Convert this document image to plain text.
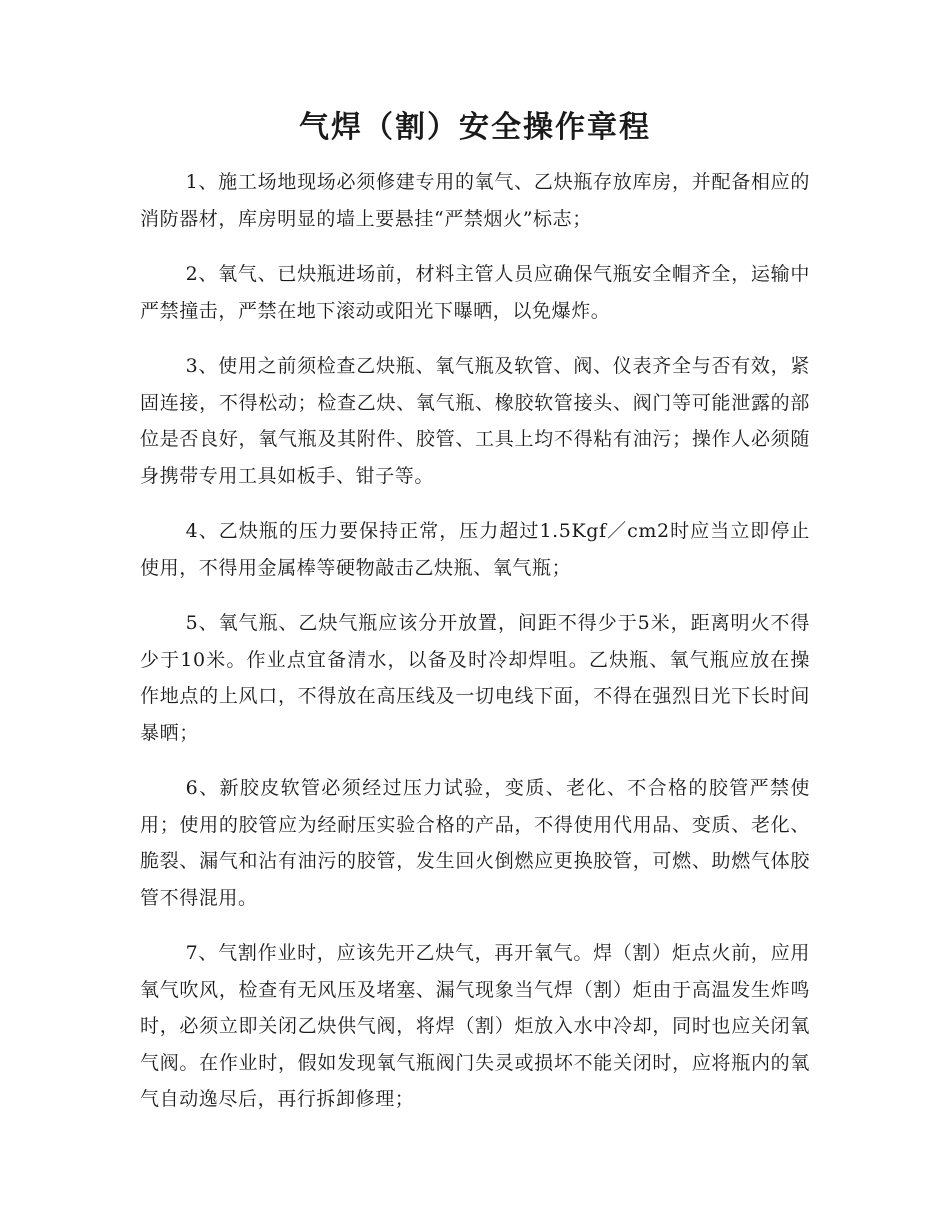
气焊（割）安全操作章程

1、施工场地现场必须修建专用的氧气、乙炔瓶存放库房，并配备相应的消防器材，库房明显的墙上要悬挂“严禁烟火”标志；

2、氧气、已炔瓶进场前，材料主管人员应确保气瓶安全帽齐全，运输中严禁撞击，严禁在地下滚动或阳光下曝晒，以免爆炸。

3、使用之前须检查乙炔瓶、氧气瓶及软管、阀、仪表齐全与否有效，紧固连接，不得松动；检查乙炔、氧气瓶、橡胶软管接头、阀门等可能泄露的部位是否良好，氧气瓶及其附件、胶管、工具上均不得粘有油污；操作人必须随身携带专用工具如板手、钳子等。

4、乙炔瓶的压力要保持正常，压力超过1.5Kgf／cm2时应当立即停止使用，不得用金属棒等硬物敲击乙炔瓶、氧气瓶；

5、氧气瓶、乙炔气瓶应该分开放置，间距不得少于5米，距离明火不得少于10米。作业点宜备清水，以备及时冷却焊咀。乙炔瓶、氧气瓶应放在操作地点的上风口，不得放在高压线及一切电线下面，不得在强烈日光下长时间暴晒；

6、新胶皮软管必须经过压力试验，变质、老化、不合格的胶管严禁使用；使用的胶管应为经耐压实验合格的产品，不得使用代用品、变质、老化、脆裂、漏气和沾有油污的胶管，发生回火倒燃应更换胶管，可燃、助燃气体胶管不得混用。

7、气割作业时，应该先开乙炔气，再开氧气。焊（割）炬点火前，应用氧气吹风，检查有无风压及堵塞、漏气现象当气焊（割）炬由于高温发生炸鸣时，必须立即关闭乙炔供气阀，将焊（割）炬放入水中冷却，同时也应关闭氧气阀。在作业时，假如发现氧气瓶阀门失灵或损坏不能关闭时，应将瓶内的氧气自动逸尽后，再行拆卸修理；
